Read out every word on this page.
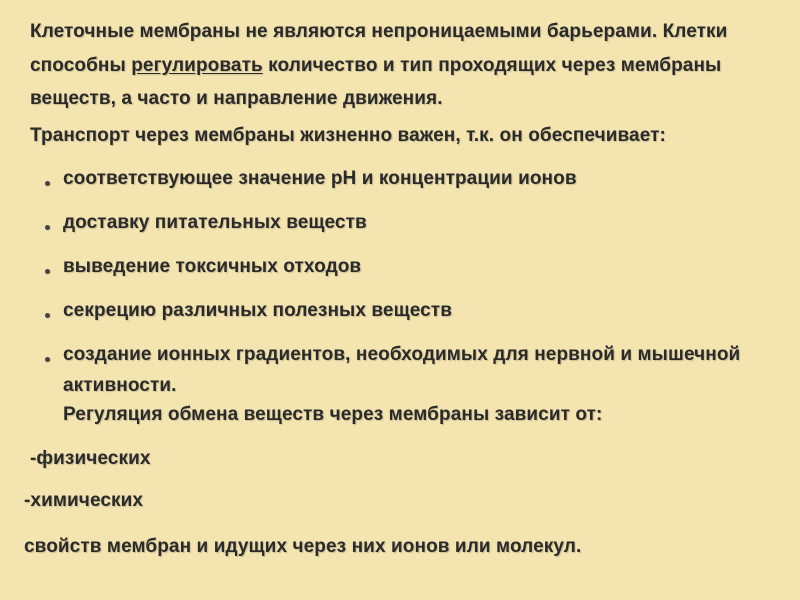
Клеточные мембраны не являются непроницаемыми барьерами. Клетки
способны регулировать количество и тип проходящих через мембраны
веществ, а часто и направление движения.
Транспорт через мембраны жизненно важен, т.к. он обеспечивает:
соответствующее значение pH и концентрации ионов
доставку питательных веществ
выведение токсичных отходов
секрецию различных полезных веществ
создание ионных градиентов, необходимых для нервной и мышечной
активности.
Регуляция обмена веществ через мембраны зависит от:
-физических
-химических
свойств мембран и идущих через них ионов или молекул.
